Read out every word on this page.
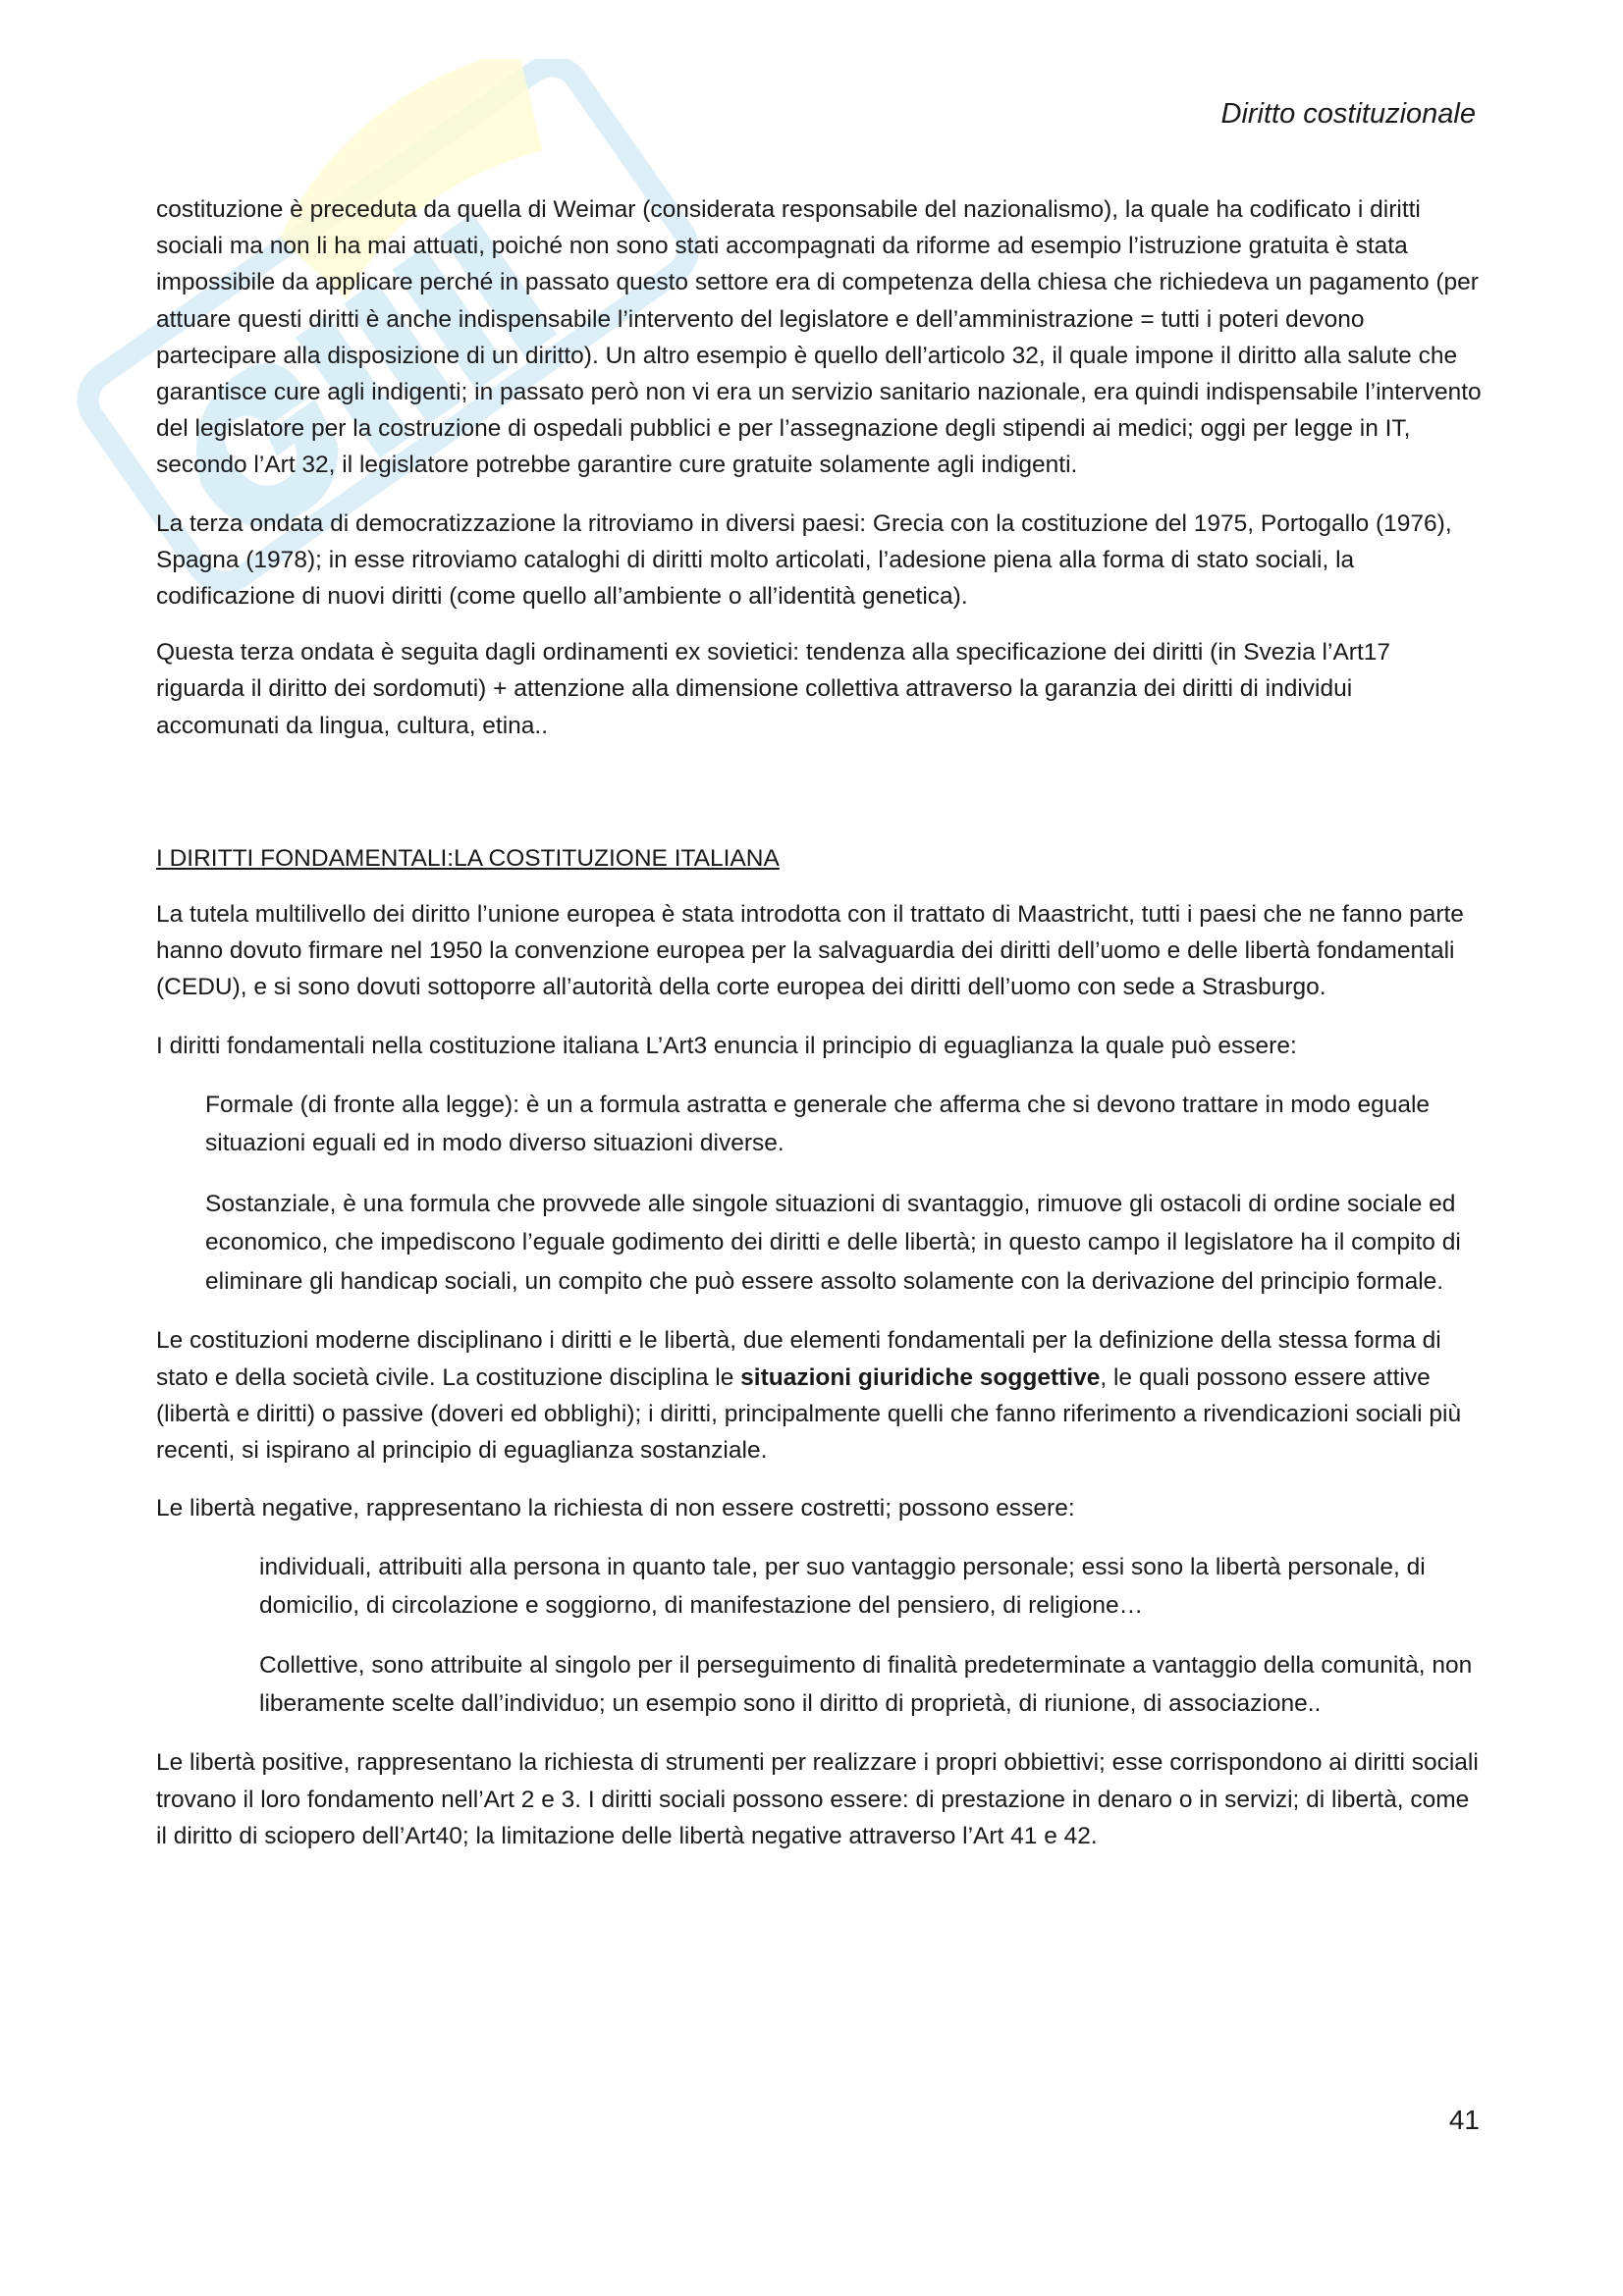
Diritto costituzionale

costituzione è preceduta da quella di Weimar (considerata responsabile del nazionalismo), la quale ha codificato i diritti sociali ma non li ha mai attuati, poiché non sono stati accompagnati da riforme ad esempio l’istruzione gratuita è stata impossibile da applicare perché in passato questo settore era di competenza della chiesa che richiedeva un pagamento (per attuare questi diritti è anche indispensabile l’intervento del legislatore e dell’amministrazione = tutti i poteri devono partecipare alla disposizione di un diritto). Un altro esempio è quello dell’articolo 32, il quale impone il diritto alla salute che garantisce cure agli indigenti; in passato però non vi era un servizio sanitario nazionale, era quindi indispensabile l’intervento del legislatore per la costruzione di ospedali pubblici e per l’assegnazione degli stipendi ai medici; oggi per legge in IT, secondo l’Art 32, il legislatore potrebbe garantire cure gratuite solamente agli indigenti.

La terza ondata di democratizzazione la ritroviamo in diversi paesi: Grecia con la costituzione del 1975, Portogallo (1976), Spagna (1978); in esse ritroviamo cataloghi di diritti molto articolati, l’adesione piena alla forma di stato sociali, la codificazione di nuovi diritti (come quello all’ambiente o all’identità genetica).

Questa terza ondata è seguita dagli ordinamenti ex sovietici: tendenza alla specificazione dei diritti (in Svezia l’Art17 riguarda il diritto dei sordomuti) + attenzione alla dimensione collettiva attraverso la garanzia dei diritti di individui accomunati da lingua, cultura, etina..

I DIRITTI FONDAMENTALI:LA COSTITUZIONE ITALIANA

La tutela multilivello dei diritto l’unione europea è stata introdotta con il trattato di Maastricht, tutti i paesi che ne fanno parte hanno dovuto firmare nel 1950 la convenzione europea per la salvaguardia dei diritti dell’uomo e delle libertà fondamentali (CEDU), e si sono dovuti sottoporre all’autorità della corte europea dei diritti dell’uomo con sede a Strasburgo.

I diritti fondamentali nella costituzione italiana L’Art3 enuncia il principio di eguaglianza la quale può essere:

Formale (di fronte alla legge): è un a formula astratta e generale che afferma che si devono trattare in modo eguale situazioni eguali ed in modo diverso situazioni diverse.

Sostanziale, è una formula che provvede alle singole situazioni di svantaggio, rimuove gli ostacoli di ordine sociale ed economico, che impediscono l’eguale godimento dei diritti e delle libertà; in questo campo il legislatore ha il compito di eliminare gli handicap sociali, un compito che può essere assolto solamente con la derivazione del principio formale.

Le costituzioni moderne disciplinano i diritti e le libertà, due elementi fondamentali per la definizione della stessa forma di stato e della società civile. La costituzione disciplina le situazioni giuridiche soggettive, le quali possono essere attive (libertà e diritti) o passive (doveri ed obblighi); i diritti, principalmente quelli che fanno riferimento a rivendicazioni sociali più recenti, si ispirano al principio di eguaglianza sostanziale.

Le libertà negative, rappresentano la richiesta di non essere costretti; possono essere:

individuali, attribuiti alla persona in quanto tale, per suo vantaggio personale; essi sono la libertà personale, di domicilio, di circolazione e soggiorno, di manifestazione del pensiero, di religione…

Collettive, sono attribuite al singolo per il perseguimento di finalità predeterminate a vantaggio della comunità, non liberamente scelte dall’individuo; un esempio sono il diritto di proprietà, di riunione, di associazione..

Le libertà positive, rappresentano la richiesta di strumenti per realizzare i propri obbiettivi; esse corrispondono ai diritti sociali trovano il loro fondamento nell’Art 2 e 3. I diritti sociali possono essere: di prestazione in denaro o in servizi; di libertà, come il diritto di sciopero dell’Art40; la limitazione delle libertà negative attraverso l’Art 41 e 42.

41
